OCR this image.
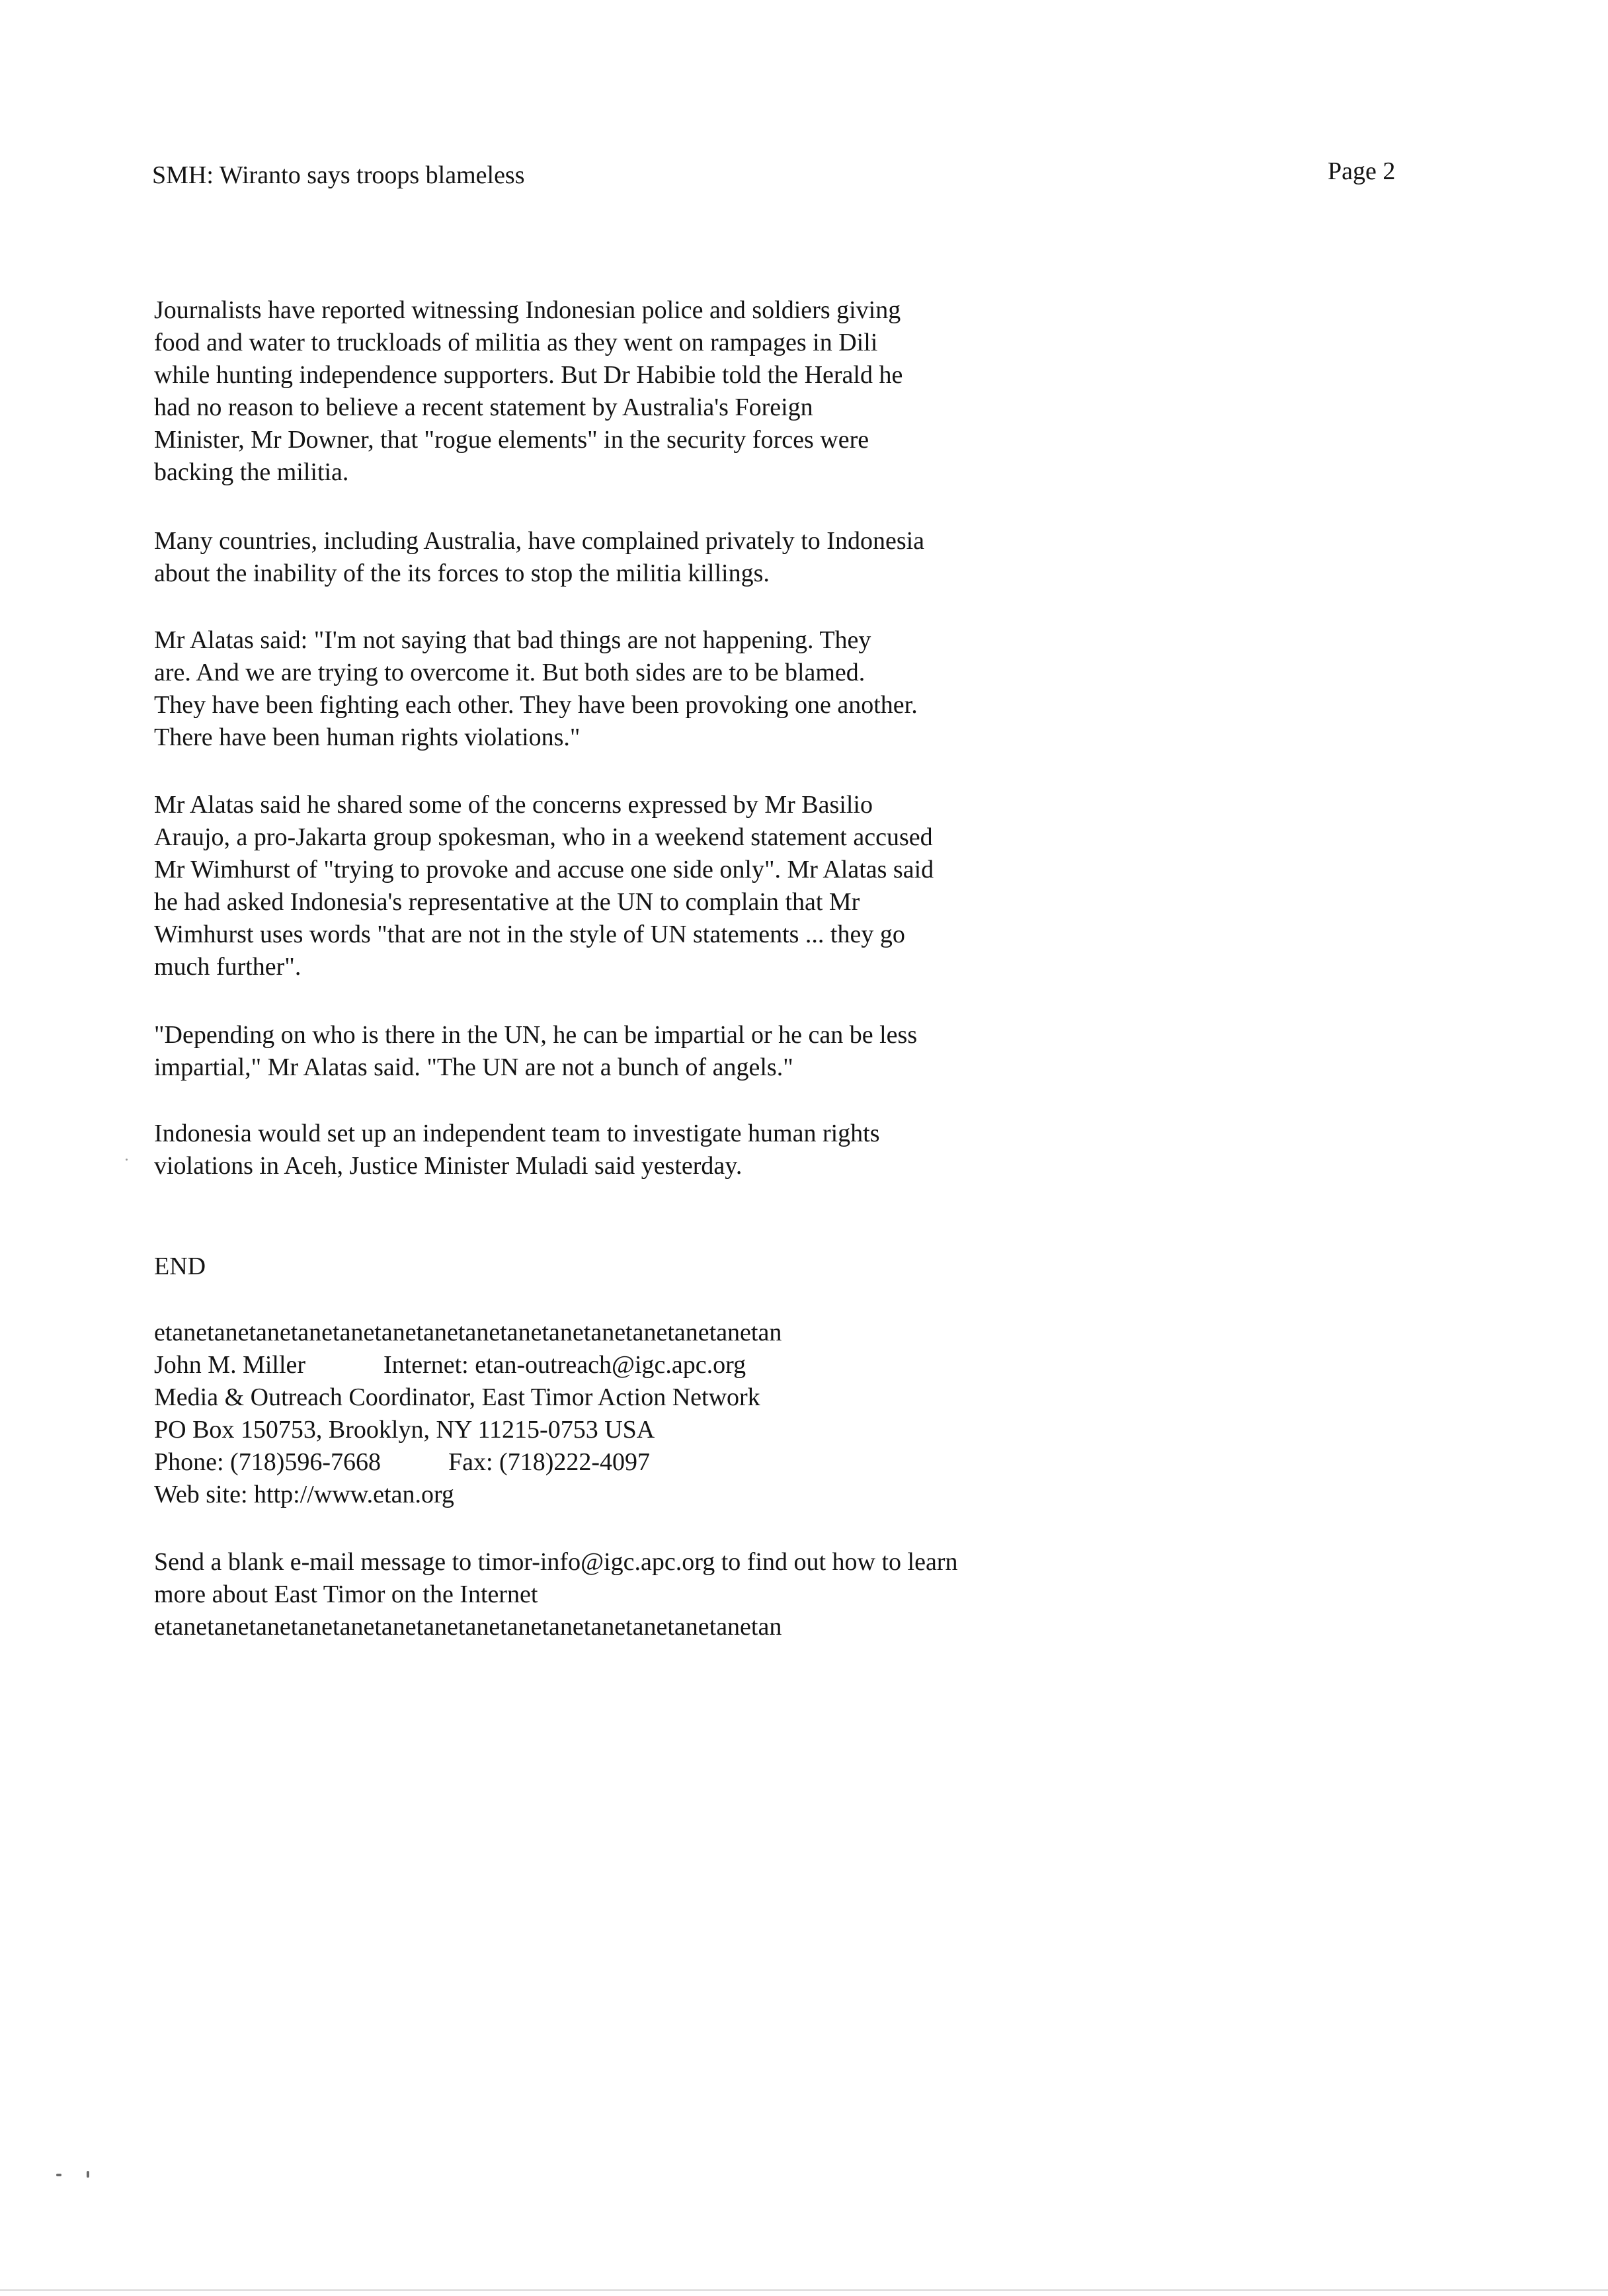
SMH: Wiranto says troops blameless	Page 2
Journalists have reported witnessing Indonesian police and soldiers giving
food and water to truckloads of militia as they went on rampages in Dili
while hunting independence supporters. But Dr Habibie told the Herald he
had no reason to believe a recent statement by Australia's Foreign
Minister, Mr Downer, that "rogue elements" in the security forces were
backing the militia.
Many countries, including Australia, have complained privately to Indonesia
about the inability of the its forces to stop the militia killings.
Mr Alatas said: "I'm not saying that bad things are not happening. They
are. And we are trying to overcome it. But both sides are to be blamed.
They have been fighting each other. They have been provoking one another.
There have been human rights violations."
Mr Alatas said he shared some of the concerns expressed by Mr Basilio
Araujo, a pro-Jakarta group spokesman, who in a weekend statement accused
Mr Wimhurst of "trying to provoke and accuse one side only". Mr Alatas said
he had asked Indonesia's representative at the UN to complain that Mr
Wimhurst uses words "that are not in the style of UN statements ... they go
much further".
"Depending on who is there in the UN, he can be impartial or he can be less
impartial," Mr Alatas said. "The UN are not a bunch of angels."
Indonesia would set up an independent team to investigate human rights
violations in Aceh, Justice Minister Muladi said yesterday.
END
etanetanetanetanetanetanetanetanetanetanetanetanetanetanetan
John M. Miller	Internet: etan-outreach@igc.apc.org
Media & Outreach Coordinator, East Timor Action Network
PO Box 150753, Brooklyn, NY 11215-0753 USA
Phone: (718)596-7668	Fax: (718)222-4097
Web site: http://www.etan.org
Send a blank e-mail message to timor-info@igc.apc.org to find out how to learn
more about East Timor on the Internet
etanetanetanetanetanetanetanetanetanetanetanetanetanetanetan
